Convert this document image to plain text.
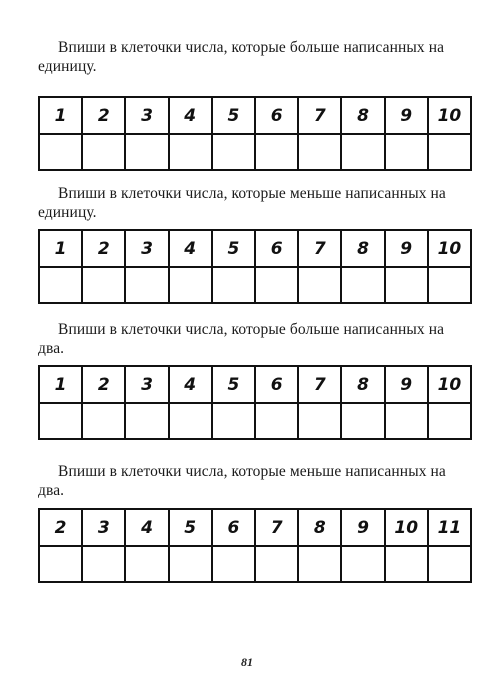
Впиши в клеточки числа, которые больше написанных на единицу.

1	2	3	4	5	6	7	8	9	10

Впиши в клеточки числа, которые меньше написанных на единицу.

1	2	3	4	5	6	7	8	9	10

Впиши в клеточки числа, которые больше написанных на два.

1	2	3	4	5	6	7	8	9	10

Впиши в клеточки числа, которые меньше написанных на два.

2	3	4	5	6	7	8	9	10	11
81
